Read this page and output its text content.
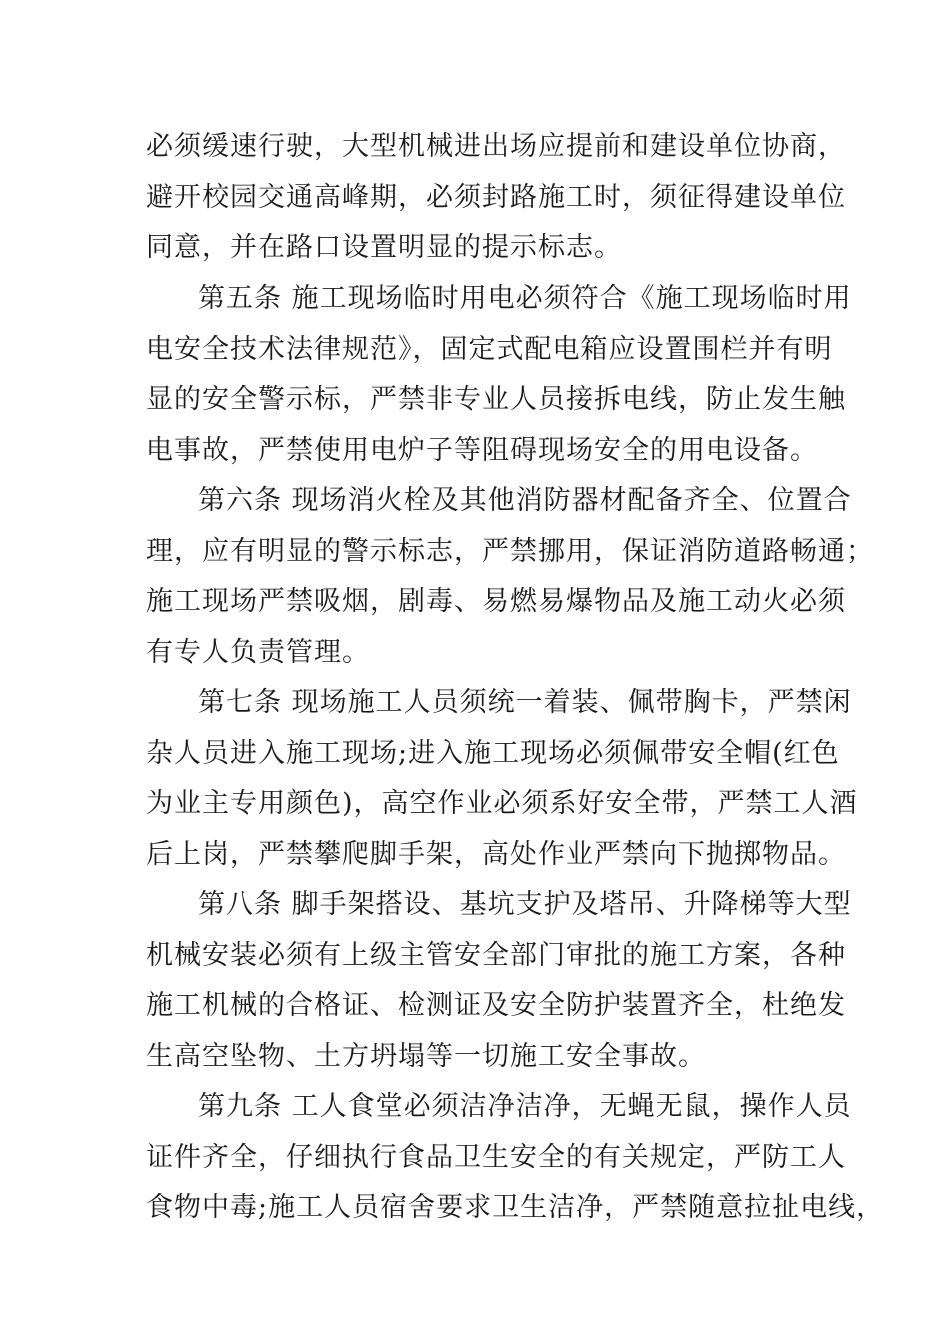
必须缓速行驶，大型机械进出场应提前和建设单位协商，
避开校园交通高峰期，必须封路施工时，须征得建设单位
同意，并在路口设置明显的提示标志。
第五条 施工现场临时用电必须符合《施工现场临时用
电安全技术法律规范》，固定式配电箱应设置围栏并有明
显的安全警示标，严禁非专业人员接拆电线，防止发生触
电事故，严禁使用电炉子等阻碍现场安全的用电设备。
第六条 现场消火栓及其他消防器材配备齐全、位置合
理，应有明显的警示标志，严禁挪用，保证消防道路畅通；
施工现场严禁吸烟，剧毒、易燃易爆物品及施工动火必须
有专人负责管理。
第七条 现场施工人员须统一着装、佩带胸卡，严禁闲
杂人员进入施工现场;进入施工现场必须佩带安全帽(红色
为业主专用颜色)，高空作业必须系好安全带，严禁工人酒
后上岗，严禁攀爬脚手架，高处作业严禁向下抛掷物品。
第八条 脚手架搭设、基坑支护及塔吊、升降梯等大型
机械安装必须有上级主管安全部门审批的施工方案，各种
施工机械的合格证、检测证及安全防护装置齐全，杜绝发
生高空坠物、土方坍塌等一切施工安全事故。
第九条 工人食堂必须洁净洁净，无蝇无鼠，操作人员
证件齐全，仔细执行食品卫生安全的有关规定，严防工人
食物中毒;施工人员宿舍要求卫生洁净，严禁随意拉扯电线，
